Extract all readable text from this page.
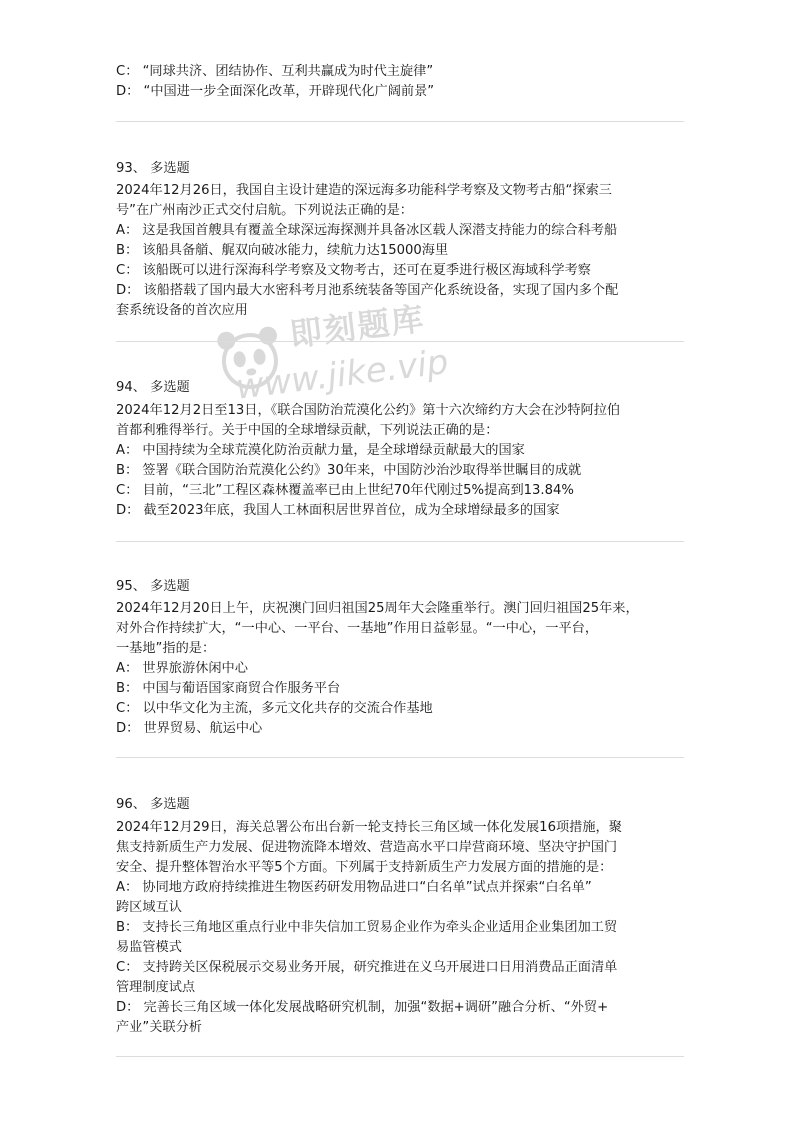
即刻题库
www.jike.vip
C： “同球共济、团结协作、互利共赢成为时代主旋律”
D： “中国进一步全面深化改革，开辟现代化广阔前景”
93、 多选题
2024年12月26日，我国自主设计建造的深远海多功能科学考察及文物考古船“探索三
号”在广州南沙正式交付启航。下列说法正确的是：
A： 这是我国首艘具有覆盖全球深远海探测并具备冰区载人深潜支持能力的综合科考船
B： 该船具备艏、艉双向破冰能力，续航力达15000海里
C： 该船既可以进行深海科学考察及文物考古，还可在夏季进行极区海域科学考察
D： 该船搭载了国内最大水密科考月池系统装备等国产化系统设备，实现了国内多个配
套系统设备的首次应用
94、 多选题
2024年12月2日至13日，《联合国防治荒漠化公约》第十六次缔约方大会在沙特阿拉伯
首都利雅得举行。关于中国的全球增绿贡献，下列说法正确的是：
A： 中国持续为全球荒漠化防治贡献力量，是全球增绿贡献最大的国家
B： 签署《联合国防治荒漠化公约》30年来，中国防沙治沙取得举世瞩目的成就
C： 目前，“三北”工程区森林覆盖率已由上世纪70年代刚过5%提高到13.84%
D： 截至2023年底，我国人工林面积居世界首位，成为全球增绿最多的国家
95、 多选题
2024年12月20日上午，庆祝澳门回归祖国25周年大会隆重举行。澳门回归祖国25年来，
对外合作持续扩大，“一中心、一平台、一基地”作用日益彰显。“一中心，一平台，
一基地”指的是：
A： 世界旅游休闲中心
B： 中国与葡语国家商贸合作服务平台
C： 以中华文化为主流，多元文化共存的交流合作基地
D： 世界贸易、航运中心
96、 多选题
2024年12月29日，海关总署公布出台新一轮支持长三角区域一体化发展16项措施，聚
焦支持新质生产力发展、促进物流降本增效、营造高水平口岸营商环境、坚决守护国门
安全、提升整体智治水平等5个方面。下列属于支持新质生产力发展方面的措施的是：
A： 协同地方政府持续推进生物医药研发用物品进口“白名单”试点并探索“白名单”
跨区域互认
B： 支持长三角地区重点行业中非失信加工贸易企业作为牵头企业适用企业集团加工贸
易监管模式
C： 支持跨关区保税展示交易业务开展，研究推进在义乌开展进口日用消费品正面清单
管理制度试点
D： 完善长三角区域一体化发展战略研究机制，加强“数据+调研”融合分析、“外贸+
产业”关联分析
